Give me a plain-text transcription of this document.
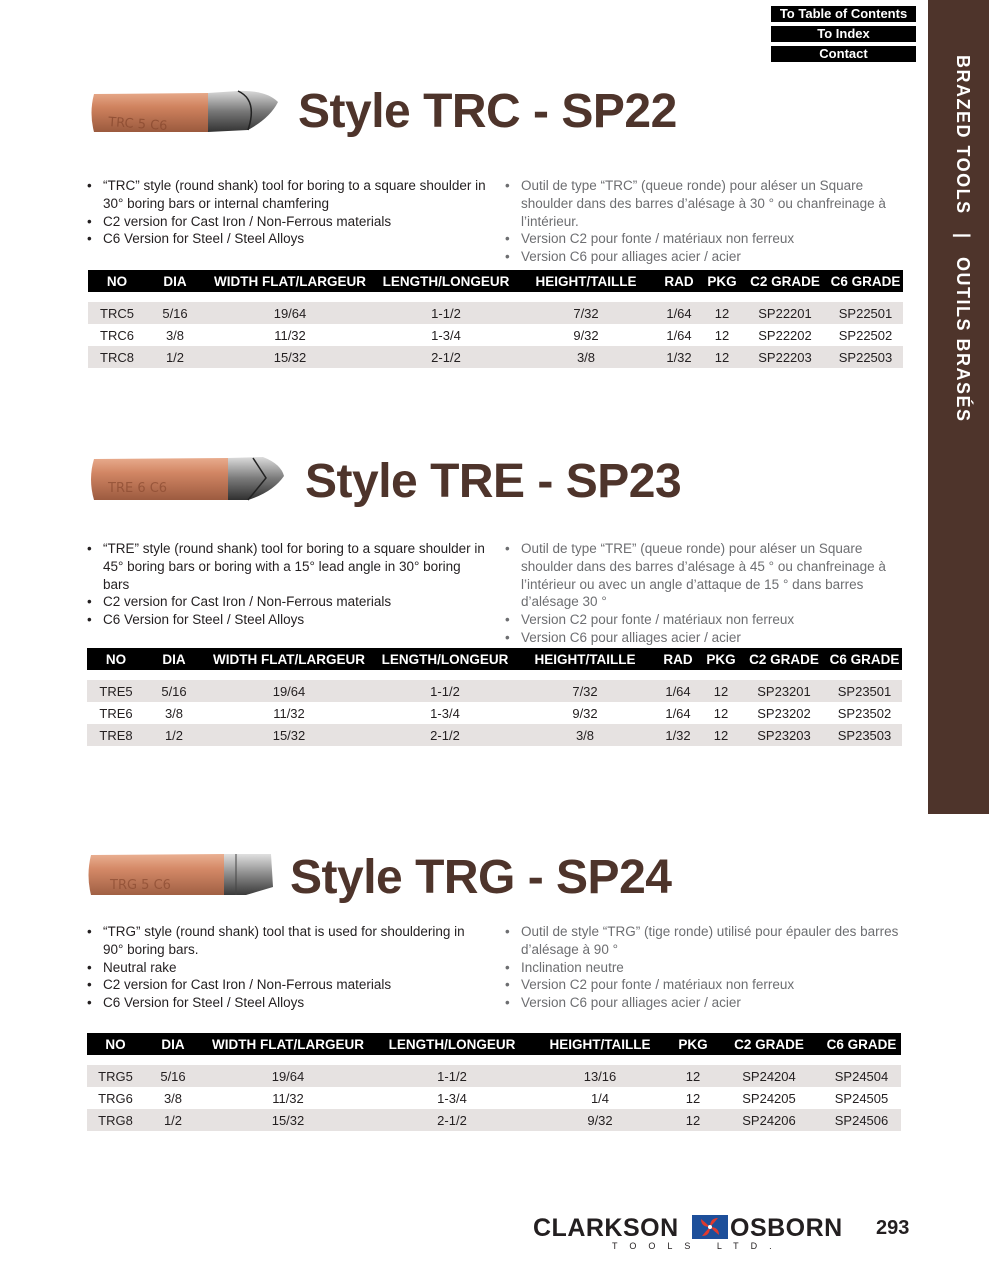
To Table of Contents
To Index
Contact
BRAZED TOOLS|OUTILS BRASÉS
TRC 5 C6	Style TRC - SP22
• “TRC” style (round shank) tool for boring to a square shoulder in 30° boring bars or internal chamfering
• C2 version for Cast Iron / Non-Ferrous materials
• C6 Version for Steel / Steel Alloys
• Outil de type “TRC” (queue ronde) pour aléser un Square shoulder dans des barres d’alésage à 30 ° ou chanfreinage à l’intérieur.
• Version C2 pour fonte / matériaux non ferreux
• Version C6 pour alliages acier / acier
NO	DIA	WIDTH FLAT/LARGEUR	LENGTH/LONGEUR	HEIGHT/TAILLE	RAD	PKG	C2 GRADE	C6 GRADE

TRC5	5/16	19/64	1-1/2	7/32	1/64	12	SP22201	SP22501
TRC6	3/8	11/32	1-3/4	9/32	1/64	12	SP22202	SP22502
TRC8	1/2	15/32	2-1/2	3/8	1/32	12	SP22203	SP22503
TRE 6 C6	Style TRE - SP23
• “TRE” style (round shank) tool for boring to a square shoulder in 45° boring bars or boring with a 15° lead angle in 30° boring bars
• C2 version for Cast Iron / Non-Ferrous materials
• C6 Version for Steel / Steel Alloys
• Outil de type “TRE” (queue ronde) pour aléser un Square shoulder dans des barres d’alésage à 45 ° ou chanfreinage à l’intérieur ou avec un angle d’attaque de 15 ° dans barres d’alésage 30 °
• Version C2 pour fonte / matériaux non ferreux
• Version C6 pour alliages acier / acier
NO	DIA	WIDTH FLAT/LARGEUR	LENGTH/LONGEUR	HEIGHT/TAILLE	RAD	PKG	C2 GRADE	C6 GRADE

TRE5	5/16	19/64	1-1/2	7/32	1/64	12	SP23201	SP23501
TRE6	3/8	11/32	1-3/4	9/32	1/64	12	SP23202	SP23502
TRE8	1/2	15/32	2-1/2	3/8	1/32	12	SP23203	SP23503
TRG 5 C6 Style TRG - SP24
• “TRG” style (round shank) tool that is used for shouldering in 90° boring bars.
• Neutral rake
• C2 version for Cast Iron / Non-Ferrous materials
• C6 Version for Steel / Steel Alloys
• Outil de style “TRG” (tige ronde) utilisé pour épauler des barres d’alésage à 90 °
• Inclination neutre
• Version C2 pour fonte / matériaux non ferreux
• Version C6 pour alliages acier / acier
NO	DIA	WIDTH FLAT/LARGEUR	LENGTH/LONGEUR	HEIGHT/TAILLE	PKG	C2 GRADE	C6 GRADE

TRG5	5/16	19/64	1-1/2	13/16	12	SP24204	SP24504
TRG6	3/8	11/32	1-3/4	1/4	12	SP24205	SP24505
TRG8	1/2	15/32	2-1/2	9/32	12	SP24206	SP24506
CLARKSON OSBORN
TOOLS LTD.
293
